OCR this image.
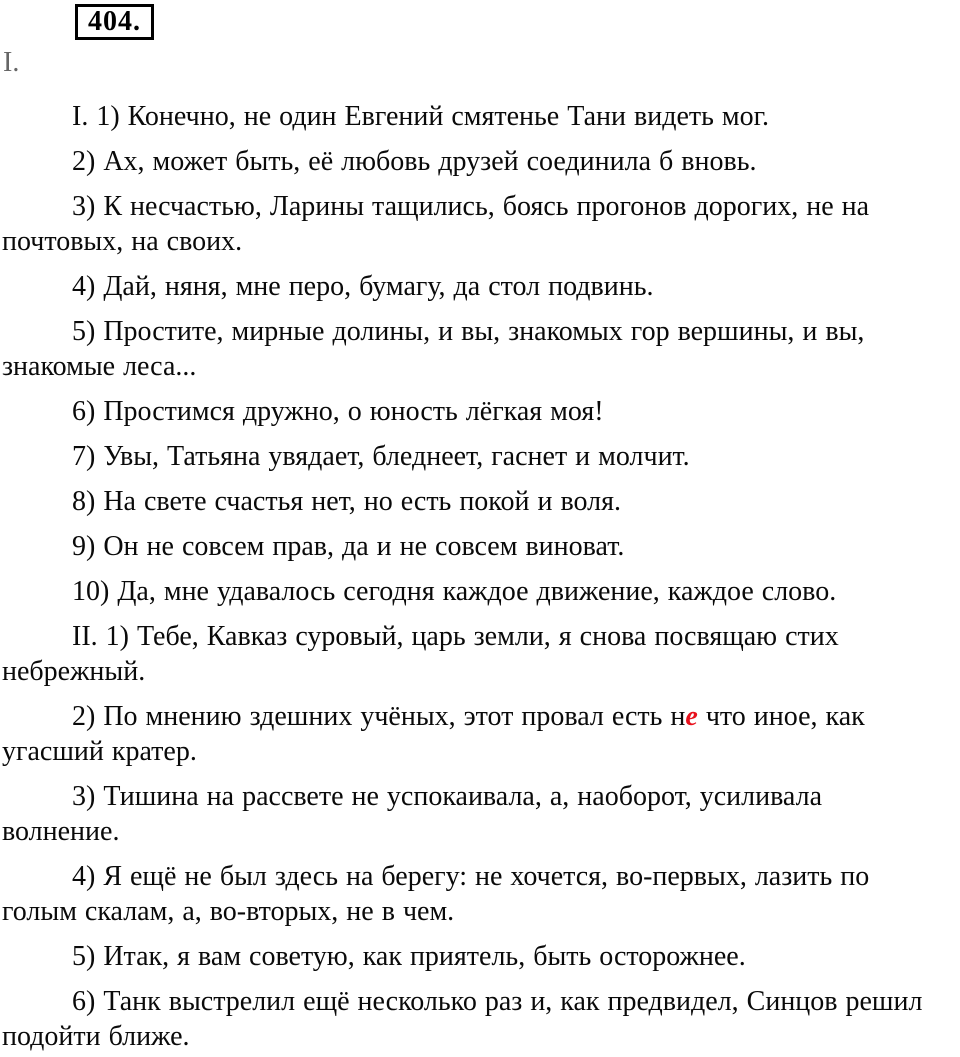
404.
I.

I. 1) Конечно, не один Евгений смятенье Тани видеть мог.

2) Ах, может быть, её любовь друзей соединила б вновь.

3) К несчастью, Ларины тащились, боясь прогонов дорогих, не на почтовых, на своих.

4) Дай, няня, мне перо, бумагу, да стол подвинь.

5) Простите, мирные долины, и вы, знакомых гор вершины, и вы, знакомые леса...

6) Простимся дружно, о юность лёгкая моя!

7) Увы, Татьяна увядает, бледнеет, гаснет и молчит.

8) На свете счастья нет, но есть покой и воля.

9) Он не совсем прав, да и не совсем виноват.

10) Да, мне удавалось сегодня каждое движение, каждое слово.

II. 1) Тебе, Кавказ суровый, царь земли, я снова посвящаю стих небрежный.

2) По мнению здешних учёных, этот провал есть не что иное, как угасший кратер.

3) Тишина на рассвете не успокаивала, а, наоборот, усиливала волнение.

4) Я ещё не был здесь на берегу: не хочется, во-первых, лазить по голым скалам, а, во-вторых, не в чем.

5) Итак, я вам советую, как приятель, быть осторожнее.

6) Танк выстрелил ещё несколько раз и, как предвидел, Синцов решил подойти ближе.
